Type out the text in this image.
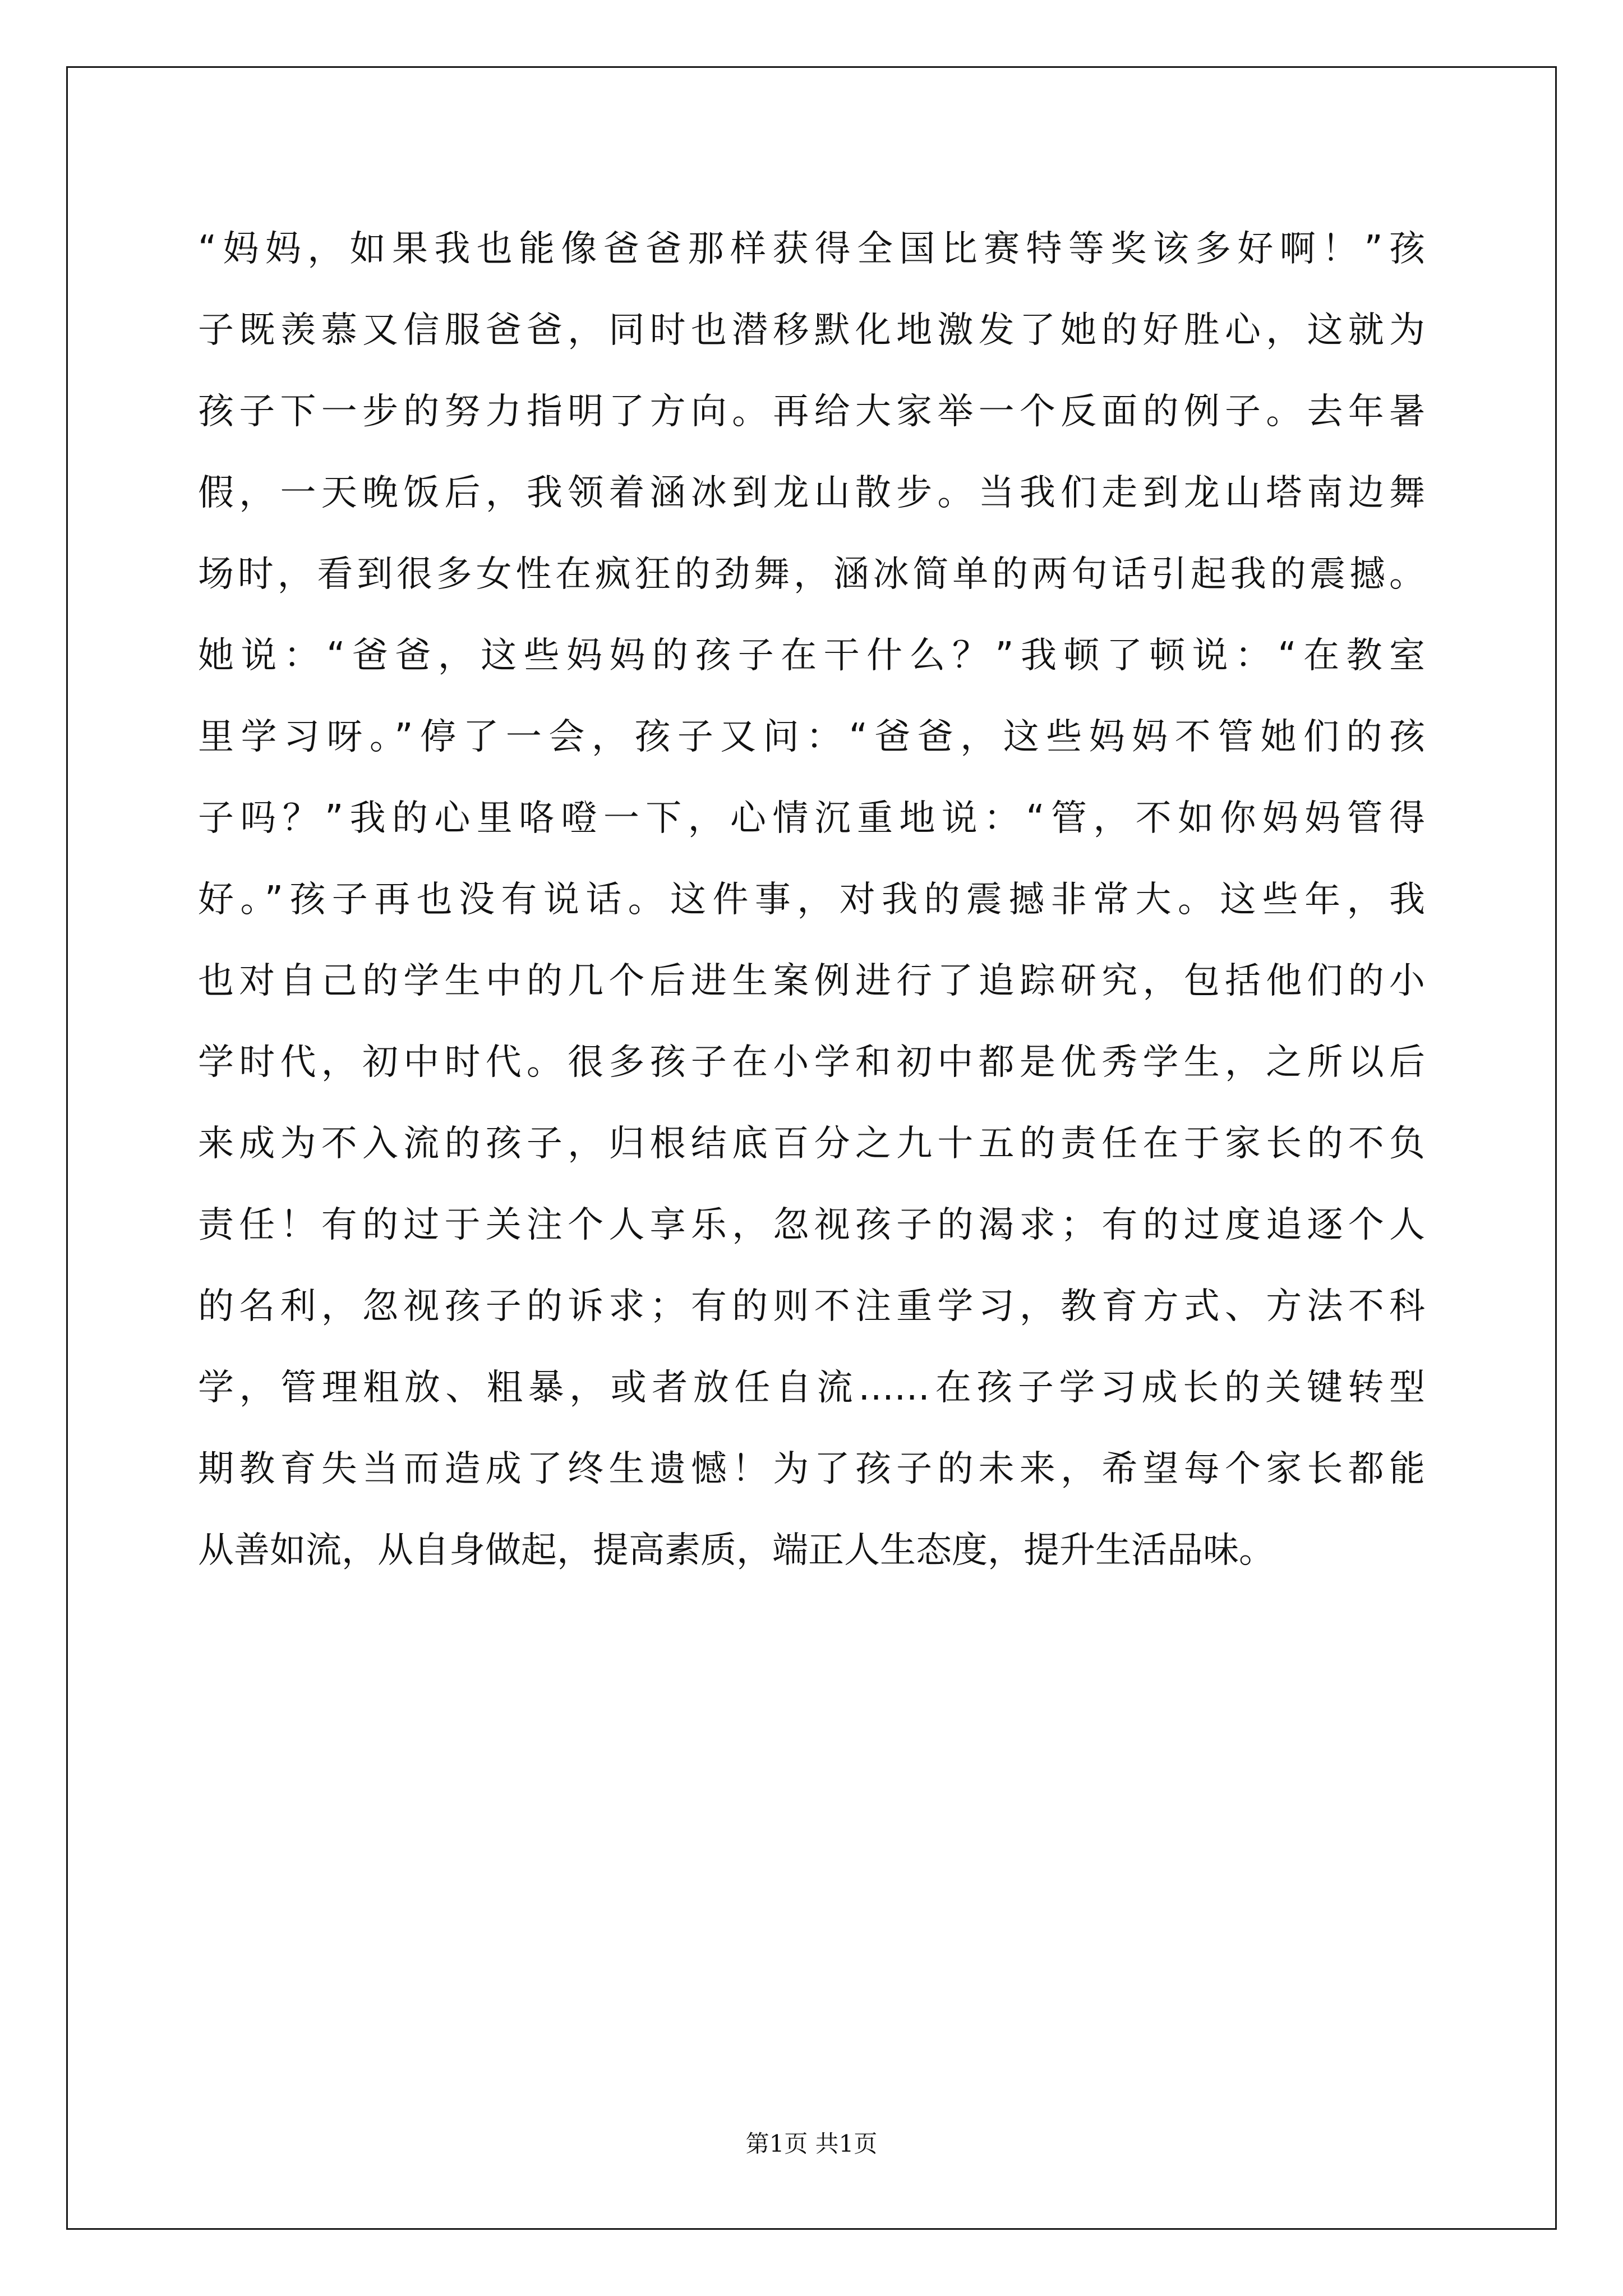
“妈妈，如果我也能像爸爸那样获得全国比赛特等奖该多好啊！”孩
子既羡慕又信服爸爸，同时也潜移默化地激发了她的好胜心，这就为
孩子下一步的努力指明了方向。再给大家举一个反面的例子。去年暑
假，一天晚饭后，我领着涵冰到龙山散步。当我们走到龙山塔南边舞
场时，看到很多女性在疯狂的劲舞，涵冰简单的两句话引起我的震撼。
她说：“爸爸，这些妈妈的孩子在干什么？”我顿了顿说：“在教室
里学习呀。”停了一会，孩子又问：“爸爸，这些妈妈不管她们的孩
子吗？”我的心里咯噔一下，心情沉重地说：“管，不如你妈妈管得
好。”孩子再也没有说话。这件事，对我的震撼非常大。这些年，我
也对自己的学生中的几个后进生案例进行了追踪研究，包括他们的小
学时代，初中时代。很多孩子在小学和初中都是优秀学生，之所以后
来成为不入流的孩子，归根结底百分之九十五的责任在于家长的不负
责任！有的过于关注个人享乐，忽视孩子的渴求；有的过度追逐个人
的名利，忽视孩子的诉求；有的则不注重学习，教育方式、方法不科
学，管理粗放、粗暴，或者放任自流……在孩子学习成长的关键转型
期教育失当而造成了终生遗憾！为了孩子的未来，希望每个家长都能
从善如流，从自身做起，提高素质，端正人生态度，提升生活品味。
第1页 共1页
